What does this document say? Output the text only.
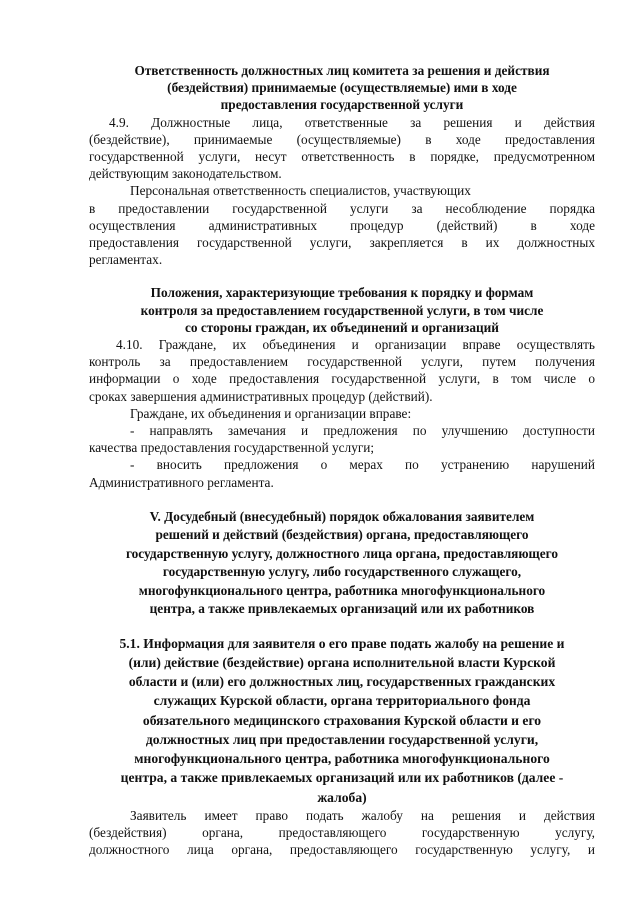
Ответственность должностных лиц комитета за решения и действия
(бездействия) принимаемые (осуществляемые) ими в ходе
предоставления государственной услуги
4.9. Должностные лица, ответственные за решения и действия
(бездействие), принимаемые (осуществляемые) в ходе предоставления
государственной услуги, несут ответственность в порядке, предусмотренном
действующим законодательством.
Персональная ответственность специалистов, участвующих
в предоставлении государственной услуги за несоблюдение порядка
осуществления административных процедур (действий) в ходе
предоставления государственной услуги, закрепляется в их должностных
регламентах.
Положения, характеризующие требования к порядку и формам
контроля за предоставлением государственной услуги, в том числе
со стороны граждан, их объединений и организаций
4.10. Граждане, их объединения и организации вправе осуществлять
контроль за предоставлением государственной услуги, путем получения
информации о ходе предоставления государственной услуги, в том числе о
сроках завершения административных процедур (действий).
Граждане, их объединения и организации вправе:
- направлять замечания и предложения по улучшению доступности
качества предоставления государственной услуги;
- вносить предложения о мерах по устранению нарушений
Административного регламента.
V. Досудебный (внесудебный) порядок обжалования заявителем
решений и действий (бездействия) органа, предоставляющего
государственную услугу, должностного лица органа, предоставляющего
государственную услугу, либо государственного служащего,
многофункционального центра, работника многофункционального
центра, а также привлекаемых организаций или их работников
5.1. Информация для заявителя о его праве подать жалобу на решение и
(или) действие (бездействие) органа исполнительной власти Курской
области и (или) его должностных лиц, государственных гражданских
служащих Курской области, органа территориального фонда
обязательного медицинского страхования Курской области и его
должностных лиц при предоставлении государственной услуги,
многофункционального центра, работника многофункционального
центра, а также привлекаемых организаций или их работников (далее -
жалоба)
Заявитель имеет право подать жалобу на решения и действия
(бездействия) органа, предоставляющего государственную услугу,
должностного лица органа, предоставляющего государственную услугу, и
